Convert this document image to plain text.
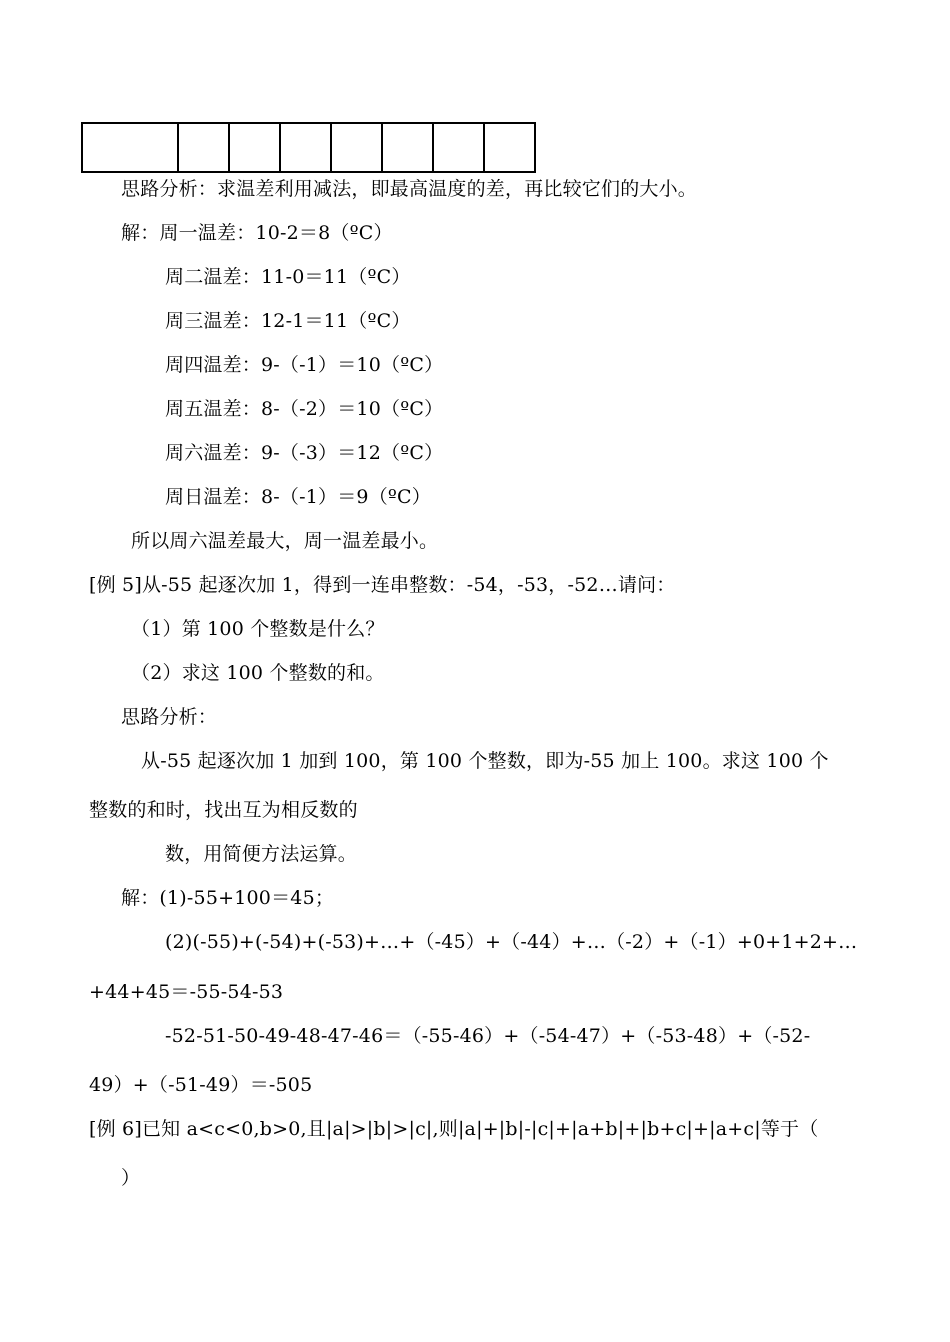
思路分析：求温差利用减法，即最高温度的差，再比较它们的大小。
解：周一温差：10-2＝8（ºC）
周二温差：11-0＝11（ºC）
周三温差：12-1＝11（ºC）
周四温差：9-（-1）＝10（ºC）
周五温差：8-（-2）＝10（ºC）
周六温差：9-（-3）＝12（ºC）
周日温差：8-（-1）＝9（ºC）
所以周六温差最大，周一温差最小。
[例 5]从-55 起逐次加 1，得到一连串整数：-54，-53，-52…请问：
（1）第 100 个整数是什么？
（2）求这 100 个整数的和。
思路分析：
从-55 起逐次加 1 加到 100，第 100 个整数，即为-55 加上 100。求这 100 个
整数的和时，找出互为相反数的
数，用简便方法运算。
解：(1)-55+100＝45；
(2)(-55)+(-54)+(-53)+…+（-45）+（-44）+…（-2）+（-1）+0+1+2+…
+44+45＝-55-54-53
-52-51-50-49-48-47-46＝（-55-46）+（-54-47）+（-53-48）+（-52-
49）+（-51-49）＝-505
[例 6]已知 a<c<0,b>0,且|a|>|b|>|c|,则|a|+|b|-|c|+|a+b|+|b+c|+|a+c|等于（
）
